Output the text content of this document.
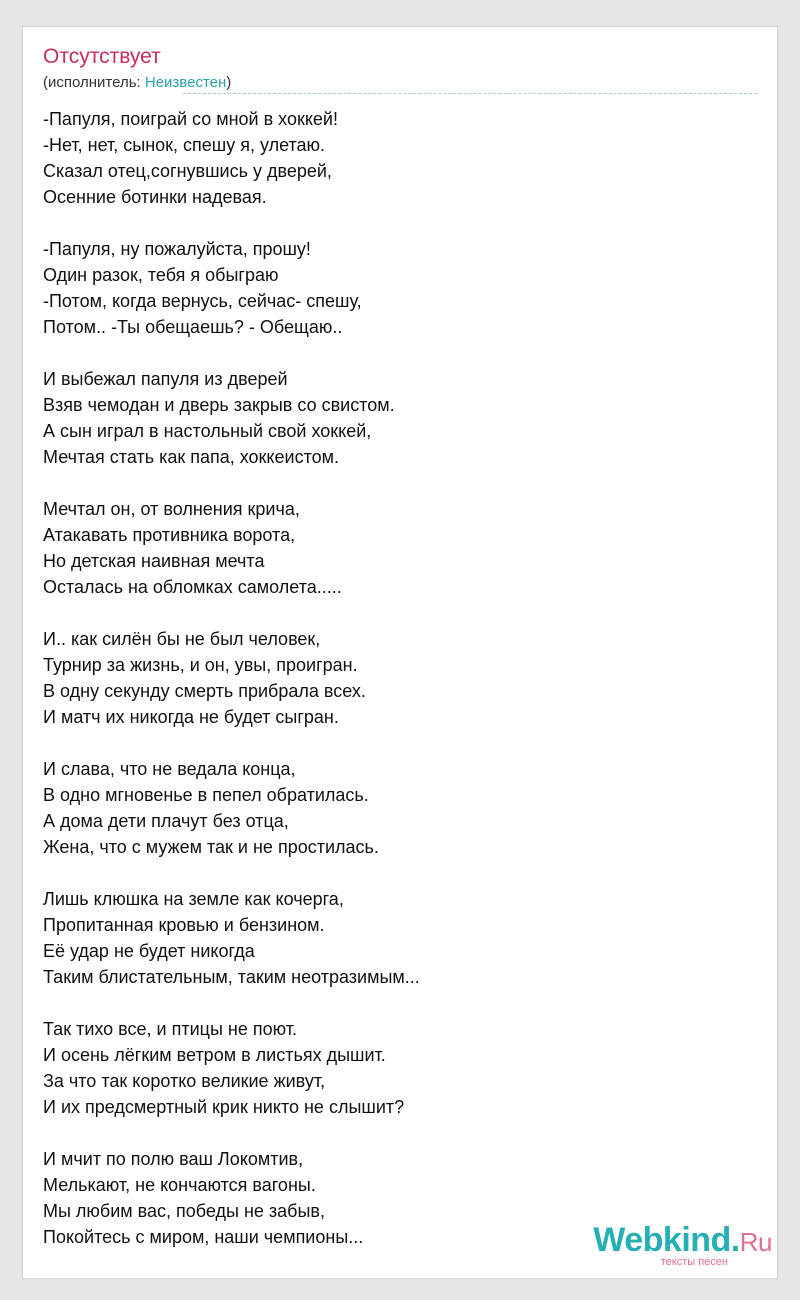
Отсутствует
(исполнитель: Неизвестен)
-Папуля, поиграй со мной в хоккей!
-Нет, нет, сынок, спешу я, улетаю.
Сказал отец,согнувшись у дверей,
Осенние ботинки надевая.
-Папуля, ну пожалуйста, прошу!
Один разок, тебя я обыграю
-Потом, когда вернусь, сейчас- спешу,
Потом.. -Ты обещаешь? - Обещаю..
И выбежал папуля из дверей
Взяв чемодан и дверь закрыв со свистом.
А сын играл в настольный свой хоккей,
Мечтая стать как папа, хоккеистом.
Мечтал он, от волнения крича,
Атакавать противника ворота,
Но детская наивная мечта
Осталась на обломках самолета.....
И.. как силён бы не был человек,
Турнир за жизнь, и он, увы, проигран.
В одну секунду смерть прибрала всех.
И матч их никогда не будет сыгран.
И слава, что не ведала конца,
В одно мгновенье в пепел обратилась.
А дома дети плачут без отца,
Жена, что с мужем так и не простилась.
Лишь клюшка на земле как кочерга,
Пропитанная кровью и бензином.
Её удар не будет никогда
Таким блистательным, таким неотразимым...
Так тихо все, и птицы не поют.
И осень лёгким ветром в листьях дышит.
За что так коротко великие живут,
И их предсмертный крик никто не слышит?
И мчит по полю ваш Локомтив,
Мелькают, не кончаются вагоны.
Мы любим вас, победы не забыв,
Покойтесь с миром, наши чемпионы...	Webkind.Ru
тексты песен
